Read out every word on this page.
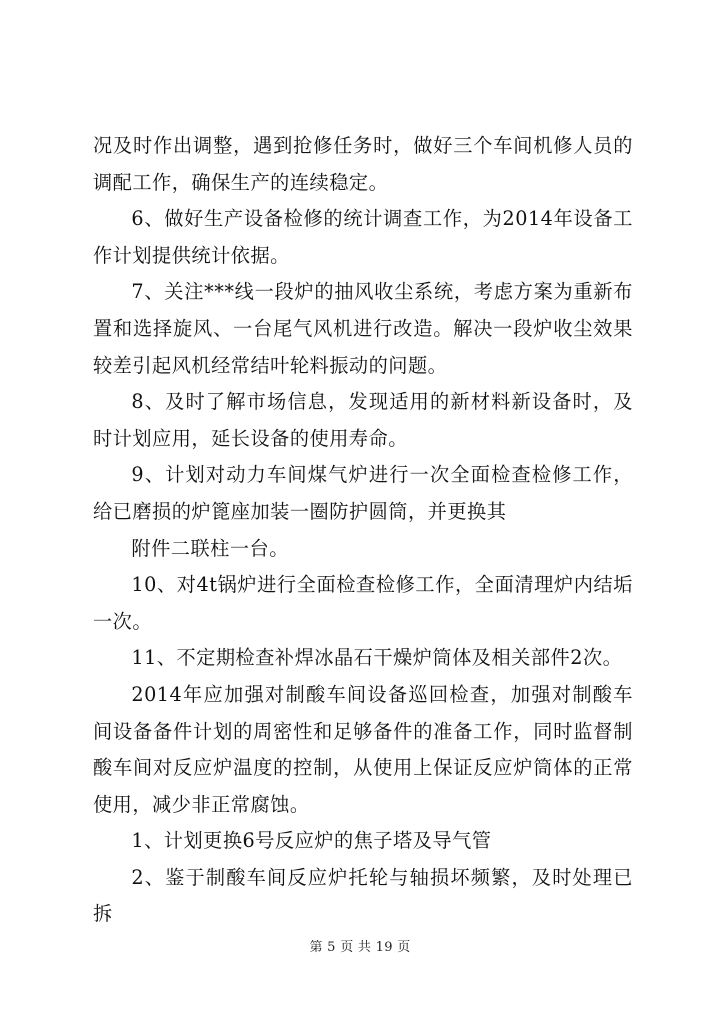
况及时作出调整，遇到抢修任务时，做好三个车间机修人员的调配工作，确保生产的连续稳定。

6、做好生产设备检修的统计调查工作，为2014年设备工作计划提供统计依据。

7、关注***线一段炉的抽风收尘系统，考虑方案为重新布置和选择旋风、一台尾气风机进行改造。解决一段炉收尘效果较差引起风机经常结叶轮料振动的问题。

8、及时了解市场信息，发现适用的新材料新设备时，及时计划应用，延长设备的使用寿命。

9、计划对动力车间煤气炉进行一次全面检查检修工作，给已磨损的炉篦座加装一圈防护圆筒，并更换其

附件二联柱一台。

10、对4t锅炉进行全面检查检修工作，全面清理炉内结垢一次。

11、不定期检查补焊冰晶石干燥炉筒体及相关部件2次。

2014年应加强对制酸车间设备巡回检查，加强对制酸车间设备备件计划的周密性和足够备件的准备工作，同时监督制酸车间对反应炉温度的控制，从使用上保证反应炉筒体的正常使用，减少非正常腐蚀。

1、计划更换6号反应炉的焦子塔及导气管

2、鉴于制酸车间反应炉托轮与轴损坏频繁，及时处理已拆

第 5 页 共 19 页
